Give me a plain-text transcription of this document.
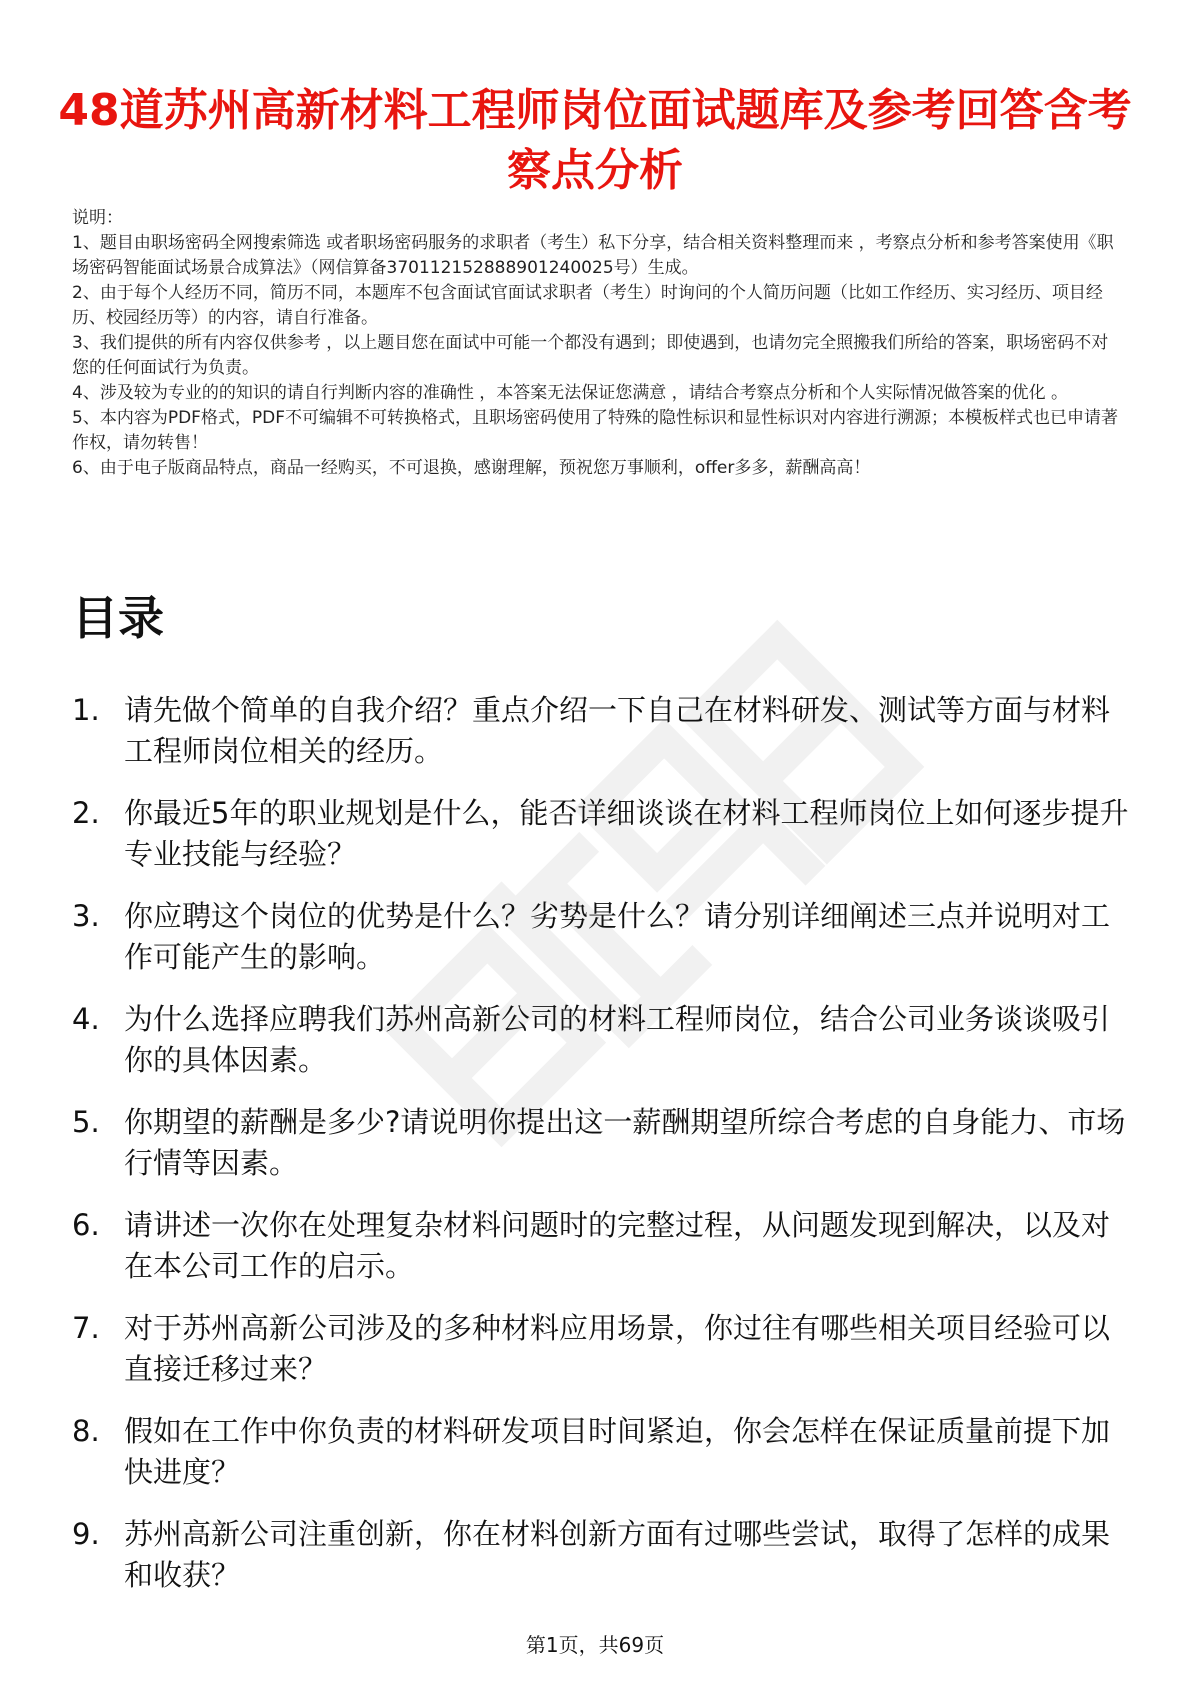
48道苏州高新材料工程师岗位面试题库及参考回答含考察点分析

说明：

1、题目由职场密码全网搜索筛选 或者职场密码服务的求职者（考生）私下分享，结合相关资料整理而来 ，考察点分析和参考答案使用《职场密码智能面试场景合成算法》（网信算备370112152888901240025号）生成。

2、由于每个人经历不同，简历不同，本题库不包含面试官面试求职者（考生）时询问的个人简历问题（比如工作经历、实习经历、项目经历、校园经历等）的内容，请自行准备。

3、我们提供的所有内容仅供参考 ，以上题目您在面试中可能一个都没有遇到；即使遇到，也请勿完全照搬我们所给的答案，职场密码不对您的任何面试行为负责。

4、涉及较为专业的的知识的请自行判断内容的准确性 ，本答案无法保证您满意 ，请结合考察点分析和个人实际情况做答案的优化 。

5、本内容为PDF格式，PDF不可编辑不可转换格式，且职场密码使用了特殊的隐性标识和显性标识对内容进行溯源；本模板样式也已申请著作权，请勿转售！

6、由于电子版商品特点，商品一经购买，不可退换，感谢理解，预祝您万事顺利，offer多多，薪酬高高！

目录
1. 请先做个简单的自我介绍？重点介绍一下自己在材料研发、测试等方面与材料工程师岗位相关的经历。
2. 你最近5年的职业规划是什么，能否详细谈谈在材料工程师岗位上如何逐步提升专业技能与经验？
3. 你应聘这个岗位的优势是什么？劣势是什么？请分别详细阐述三点并说明对工作可能产生的影响。
4. 为什么选择应聘我们苏州高新公司的材料工程师岗位，结合公司业务谈谈吸引你的具体因素。
5. 你期望的薪酬是多少?请说明你提出这一薪酬期望所综合考虑的自身能力、市场行情等因素。
6. 请讲述一次你在处理复杂材料问题时的完整过程，从问题发现到解决，以及对在本公司工作的启示。
7. 对于苏州高新公司涉及的多种材料应用场景，你过往有哪些相关项目经验可以直接迁移过来？
8. 假如在工作中你负责的材料研发项目时间紧迫，你会怎样在保证质量前提下加快进度？
9. 苏州高新公司注重创新，你在材料创新方面有过哪些尝试，取得了怎样的成果和收获？
第1页，共69页
